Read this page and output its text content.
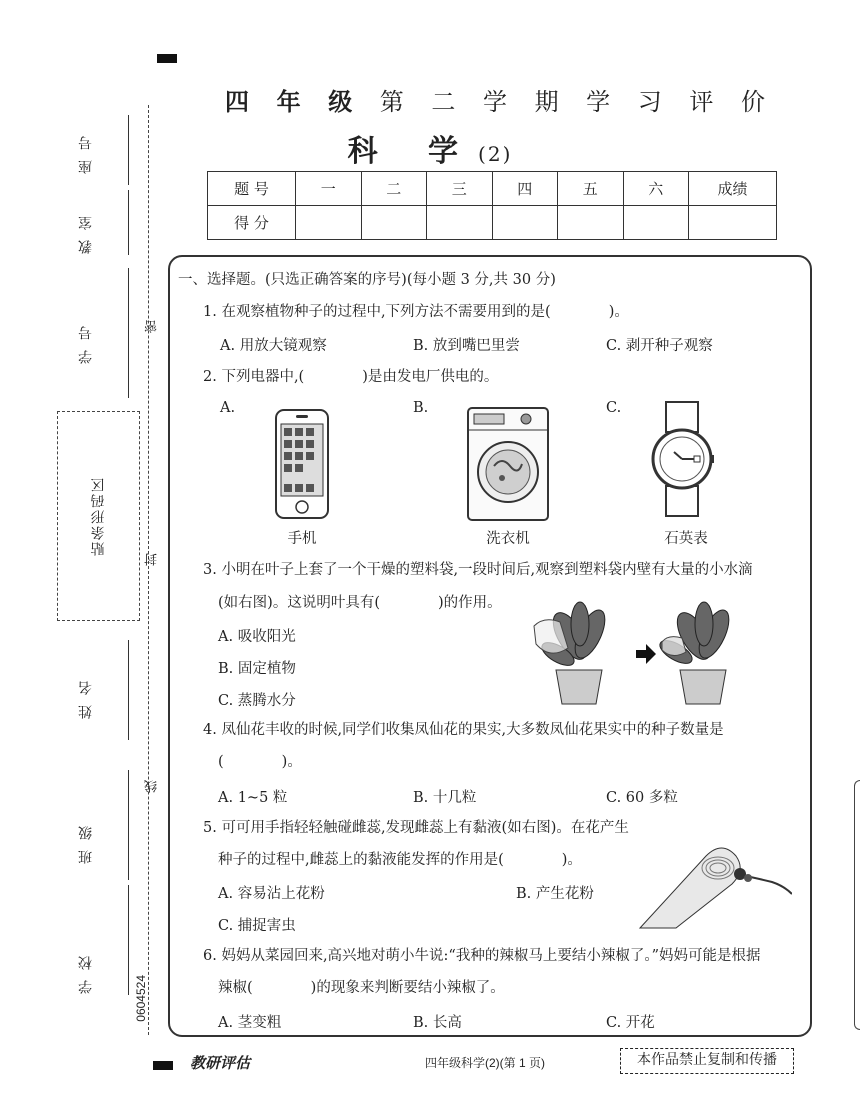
座号
教室
学号
贴条形码区
姓名
班级
学校
密
封
线
0604524
四 年 级 第 二 学 期 学 习 评 价
科 学(2)
题 号	一	二	三	四	五	六	成绩
得 分							
一、选择题。(只选正确答案的序号)(每小题 3 分,共 30 分)
1. 在观察植物种子的过程中,下列方法不需要用到的是(　　　　)。
A. 用放大镜观察	B. 放到嘴巴里尝	C. 剥开种子观察
2. 下列电器中,(　　　　)是由发电厂供电的。
A.	B.	C.
手机	洗衣机	石英表
3. 小明在叶子上套了一个干燥的塑料袋,一段时间后,观察到塑料袋内壁有大量的小水滴
(如右图)。这说明叶具有(　　　　)的作用。
A. 吸收阳光
B. 固定植物
C. 蒸腾水分
4. 凤仙花丰收的时候,同学们收集凤仙花的果实,大多数凤仙花果实中的种子数量是
(　　　　)。
A. 1~5 粒	B. 十几粒	C. 60 多粒
5. 可可用手指轻轻触碰雌蕊,发现雌蕊上有黏液(如右图)。在花产生
种子的过程中,雌蕊上的黏液能发挥的作用是(　　　　)。
A. 容易沾上花粉	B. 产生花粉
C. 捕捉害虫
6. 妈妈从菜园回来,高兴地对萌小牛说:“我种的辣椒马上要结小辣椒了。”妈妈可能是根据
辣椒(　　　　)的现象来判断要结小辣椒了。
A. 茎变粗	B. 长高	C. 开花
教研评估	四年级科学(2)(第 1 页)	本作品禁止复制和传播
